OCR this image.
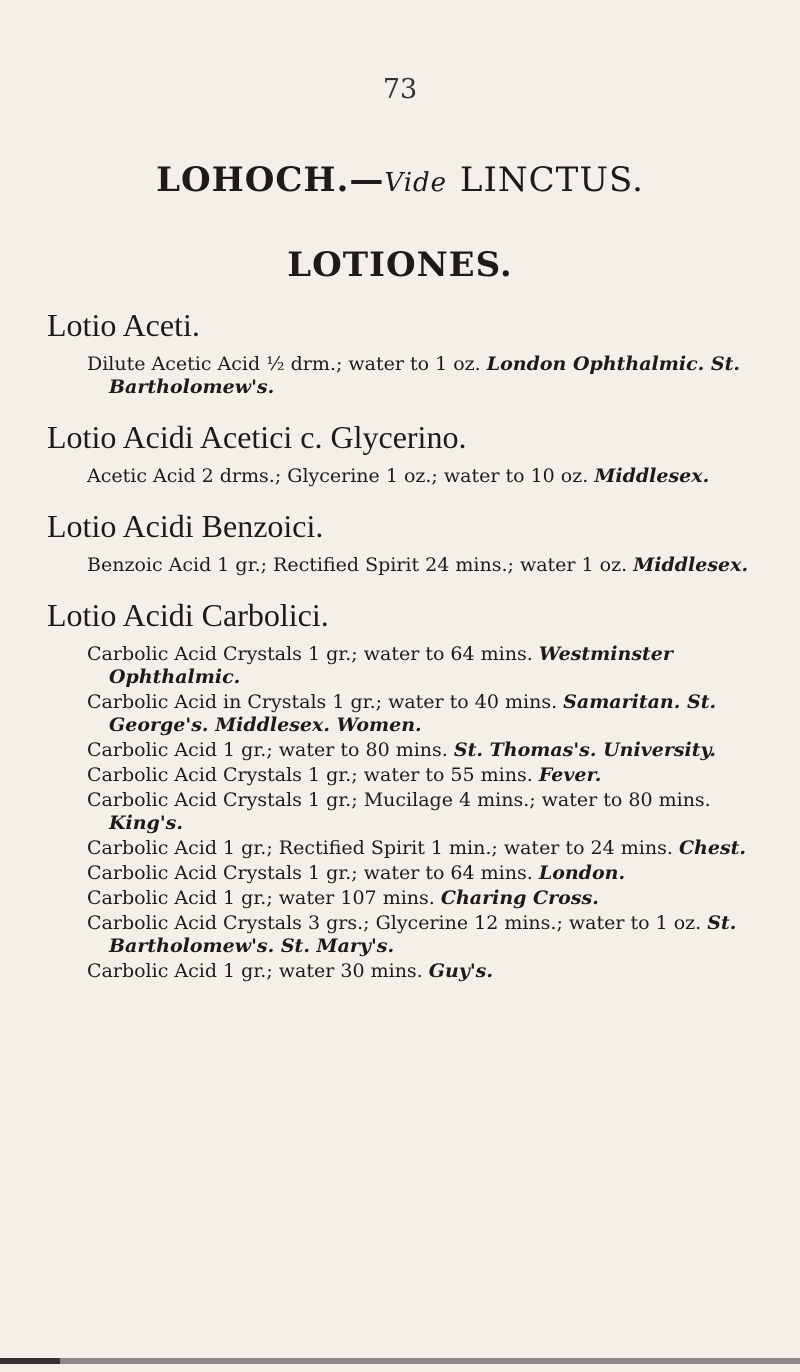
73
LOHOCH.—Vide LINCTUS.
LOTIONES.
Lotio Aceti.
Dilute Acetic Acid ½ drm.; water to 1 oz. London Ophthalmic. St. Bartholomew's.
Lotio Acidi Acetici c. Glycerino.
Acetic Acid 2 drms.; Glycerine 1 oz.; water to 10 oz. Middlesex.
Lotio Acidi Benzoici.
Benzoic Acid 1 gr.; Rectified Spirit 24 mins.; water 1 oz. Middlesex.
Lotio Acidi Carbolici.
Carbolic Acid Crystals 1 gr.; water to 64 mins. Westminster Ophthalmic.
Carbolic Acid in Crystals 1 gr.; water to 40 mins. Samaritan. St. George's. Middlesex. Women.
Carbolic Acid 1 gr.; water to 80 mins. St. Thomas's. University.
Carbolic Acid Crystals 1 gr.; water to 55 mins. Fever.
Carbolic Acid Crystals 1 gr.; Mucilage 4 mins.; water to 80 mins. King's.
Carbolic Acid 1 gr.; Rectified Spirit 1 min.; water to 24 mins. Chest.
Carbolic Acid Crystals 1 gr.; water to 64 mins. London.
Carbolic Acid 1 gr.; water 107 mins. Charing Cross.
Carbolic Acid Crystals 3 grs.; Glycerine 12 mins.; water to 1 oz. St. Bartholomew's. St. Mary's.
Carbolic Acid 1 gr.; water 30 mins. Guy's.
